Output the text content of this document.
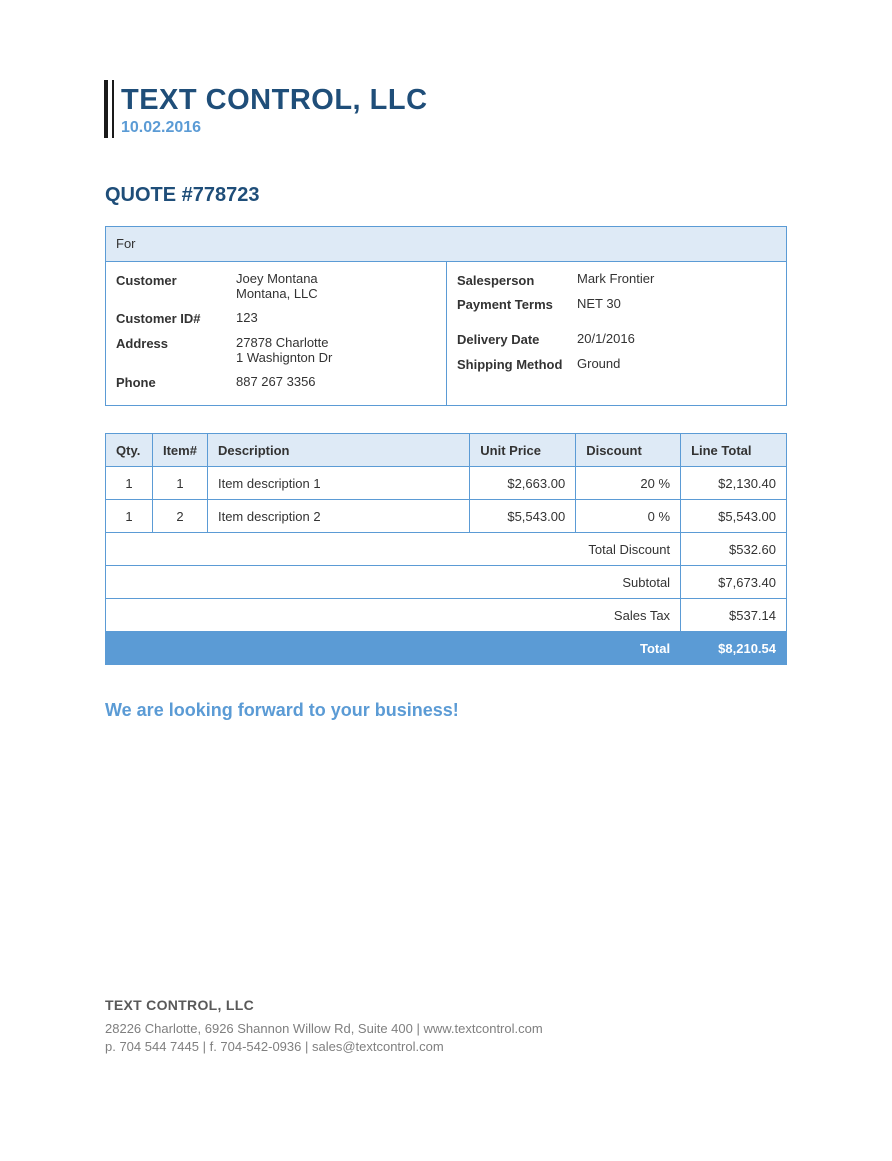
TEXT CONTROL, LLC
10.02.2016
QUOTE #778723
For
Customer	Joey Montana
Montana, LLC
Customer ID#	123
Address	27878 Charlotte
1 Washignton Dr
Phone	887 267 3356
Salesperson	Mark Frontier
Payment Terms NET 30
Delivery Date	20/1/2016
Shipping Method Ground
Qty.	Item#	Description	Unit Price	Discount	Line Total
1	1	Item description 1	$2,663.00	20 %	$2,130.40
1	2	Item description 2	$5,543.00	0 %	$5,543.00
Total Discount					$532.60
Subtotal					$7,673.40
Sales Tax					$537.14
Total					$8,210.54
We are looking forward to your business!
TEXT CONTROL, LLC
28226 Charlotte, 6926 Shannon Willow Rd, Suite 400 | www.textcontrol.com
p. 704 544 7445 | f. 704-542-0936 | sales@textcontrol.com
